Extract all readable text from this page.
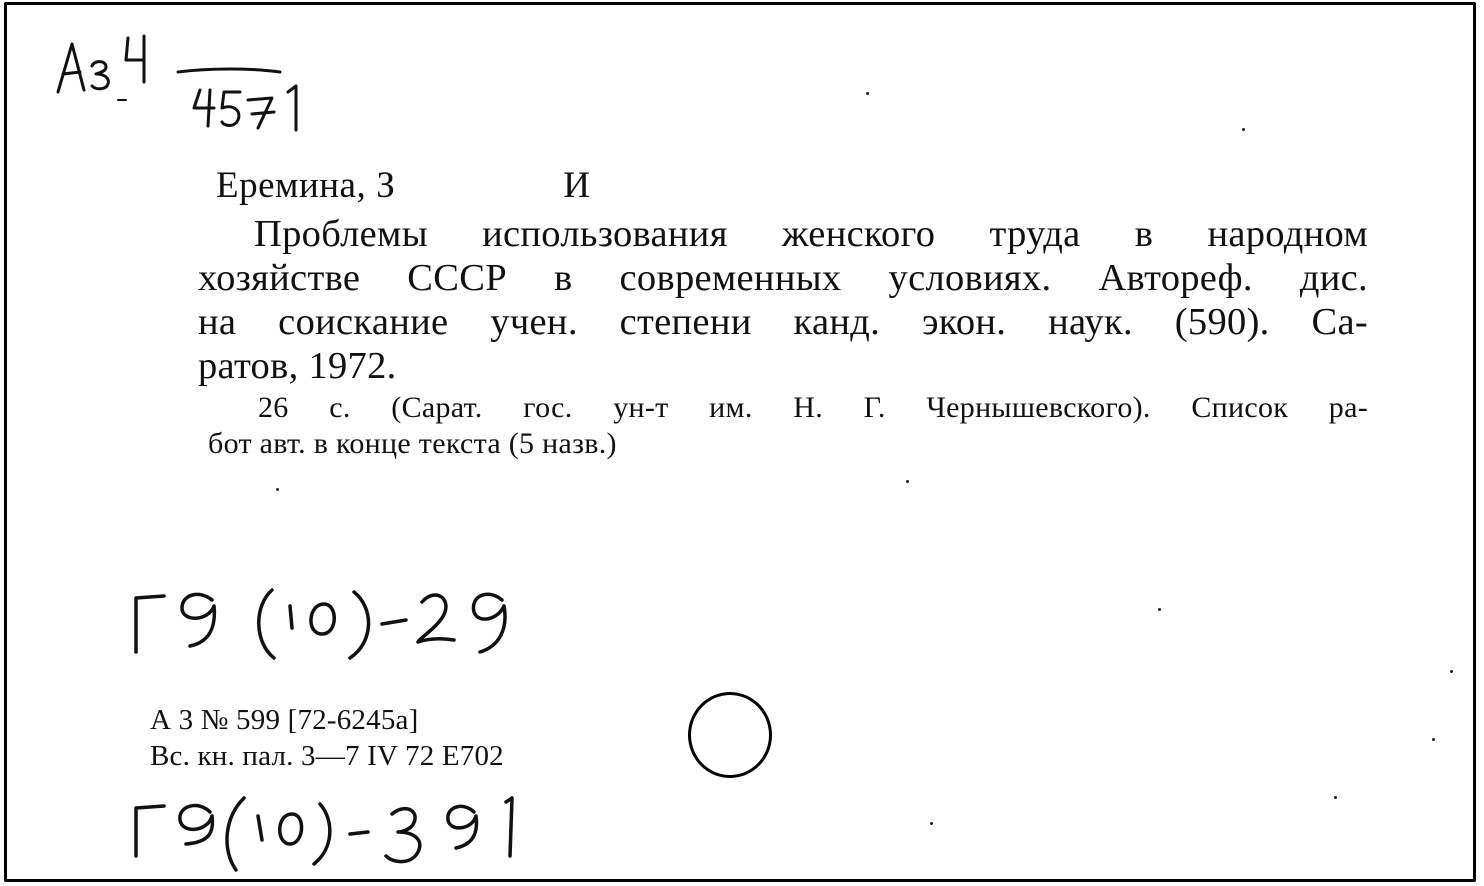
Еремина, З	И
Проблемы использования женского труда в народном
хозяйстве СССР в современных условиях. Автореф. дис.
на соискание учен. степени канд. экон. наук. (590). Са-
ратов, 1972.
26 с. (Сарат. гос. ун-т им. Н. Г. Чернышевского). Список ра-
бот авт. в конце текста (5 назв.)
А 3 № 599 [72-6245а]
Вс. кн. пал. 3—7 IV 72 Е702
